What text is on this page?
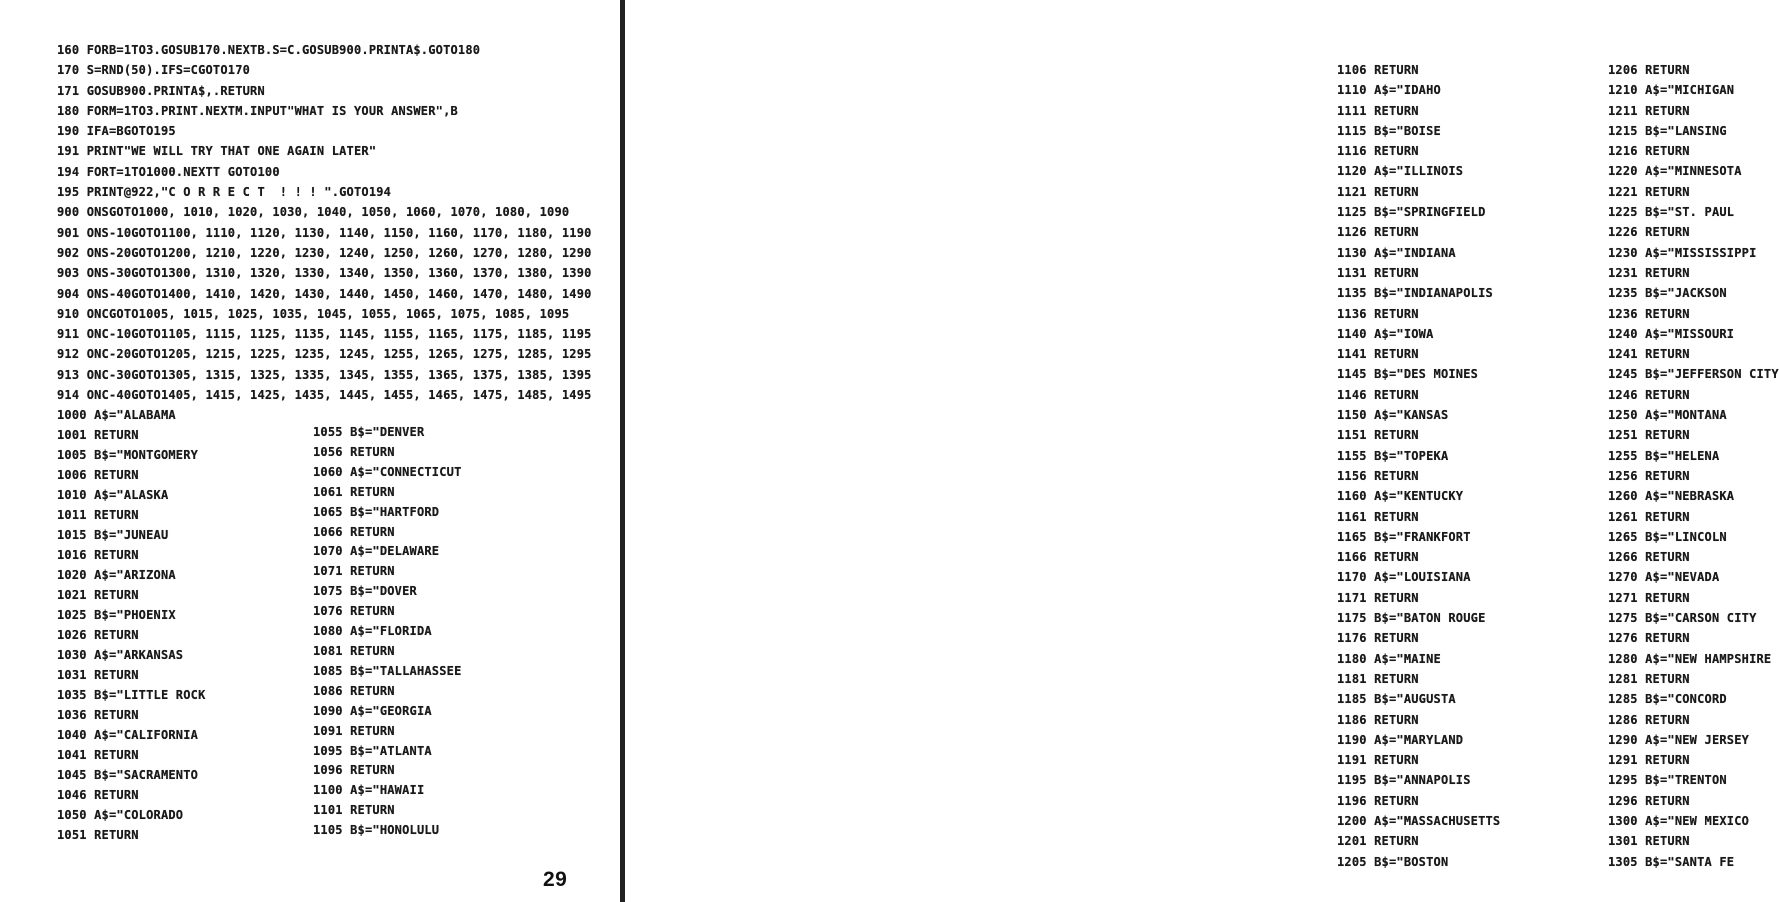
160 FORB=1TO3.GOSUB170.NEXTB.S=C.GOSUB900.PRINTA$.GOTO180
170 S=RND(50).IFS=CGOTO170
171 GOSUB900.PRINTA$,.RETURN
180 FORM=1TO3.PRINT.NEXTM.INPUT"WHAT IS YOUR ANSWER",B
190 IFA=BGOTO195
191 PRINT"WE WILL TRY THAT ONE AGAIN LATER"
194 FORT=1TO1000.NEXTT GOTO100
195 PRINT@922,"C O R R E C T  ! ! ! ".GOTO194
900 ONSGOTO1000, 1010, 1020, 1030, 1040, 1050, 1060, 1070, 1080, 1090
901 ONS-10GOTO1100, 1110, 1120, 1130, 1140, 1150, 1160, 1170, 1180, 1190
902 ONS-20GOTO1200, 1210, 1220, 1230, 1240, 1250, 1260, 1270, 1280, 1290
903 ONS-30GOTO1300, 1310, 1320, 1330, 1340, 1350, 1360, 1370, 1380, 1390
904 ONS-40GOTO1400, 1410, 1420, 1430, 1440, 1450, 1460, 1470, 1480, 1490
910 ONCGOTO1005, 1015, 1025, 1035, 1045, 1055, 1065, 1075, 1085, 1095
911 ONC-10GOTO1105, 1115, 1125, 1135, 1145, 1155, 1165, 1175, 1185, 1195
912 ONC-20GOTO1205, 1215, 1225, 1235, 1245, 1255, 1265, 1275, 1285, 1295
913 ONC-30GOTO1305, 1315, 1325, 1335, 1345, 1355, 1365, 1375, 1385, 1395
914 ONC-40GOTO1405, 1415, 1425, 1435, 1445, 1455, 1465, 1475, 1485, 1495
1000 A$="ALABAMA
1001 RETURN
1005 B$="MONTGOMERY
1006 RETURN
1010 A$="ALASKA
1011 RETURN
1015 B$="JUNEAU
1016 RETURN
1020 A$="ARIZONA
1021 RETURN
1025 B$="PHOENIX
1026 RETURN
1030 A$="ARKANSAS
1031 RETURN
1035 B$="LITTLE ROCK
1036 RETURN
1040 A$="CALIFORNIA
1041 RETURN
1045 B$="SACRAMENTO
1046 RETURN
1050 A$="COLORADO
1051 RETURN
1055 B$="DENVER
1056 RETURN
1060 A$="CONNECTICUT
1061 RETURN
1065 B$="HARTFORD
1066 RETURN
1070 A$="DELAWARE
1071 RETURN
1075 B$="DOVER
1076 RETURN
1080 A$="FLORIDA
1081 RETURN
1085 B$="TALLAHASSEE
1086 RETURN
1090 A$="GEORGIA
1091 RETURN
1095 B$="ATLANTA
1096 RETURN
1100 A$="HAWAII
1101 RETURN
1105 B$="HONOLULU
29
1106 RETURN
1110 A$="IDAHO
1111 RETURN
1115 B$="BOISE
1116 RETURN
1120 A$="ILLINOIS
1121 RETURN
1125 B$="SPRINGFIELD
1126 RETURN
1130 A$="INDIANA
1131 RETURN
1135 B$="INDIANAPOLIS
1136 RETURN
1140 A$="IOWA
1141 RETURN
1145 B$="DES MOINES
1146 RETURN
1150 A$="KANSAS
1151 RETURN
1155 B$="TOPEKA
1156 RETURN
1160 A$="KENTUCKY
1161 RETURN
1165 B$="FRANKFORT
1166 RETURN
1170 A$="LOUISIANA
1171 RETURN
1175 B$="BATON ROUGE
1176 RETURN
1180 A$="MAINE
1181 RETURN
1185 B$="AUGUSTA
1186 RETURN
1190 A$="MARYLAND
1191 RETURN
1195 B$="ANNAPOLIS
1196 RETURN
1200 A$="MASSACHUSETTS
1201 RETURN
1205 B$="BOSTON
1206 RETURN
1210 A$="MICHIGAN
1211 RETURN
1215 B$="LANSING
1216 RETURN
1220 A$="MINNESOTA
1221 RETURN
1225 B$="ST. PAUL
1226 RETURN
1230 A$="MISSISSIPPI
1231 RETURN
1235 B$="JACKSON
1236 RETURN
1240 A$="MISSOURI
1241 RETURN
1245 B$="JEFFERSON CITY
1246 RETURN
1250 A$="MONTANA
1251 RETURN
1255 B$="HELENA
1256 RETURN
1260 A$="NEBRASKA
1261 RETURN
1265 B$="LINCOLN
1266 RETURN
1270 A$="NEVADA
1271 RETURN
1275 B$="CARSON CITY
1276 RETURN
1280 A$="NEW HAMPSHIRE
1281 RETURN
1285 B$="CONCORD
1286 RETURN
1290 A$="NEW JERSEY
1291 RETURN
1295 B$="TRENTON
1296 RETURN
1300 A$="NEW MEXICO
1301 RETURN
1305 B$="SANTA FE
